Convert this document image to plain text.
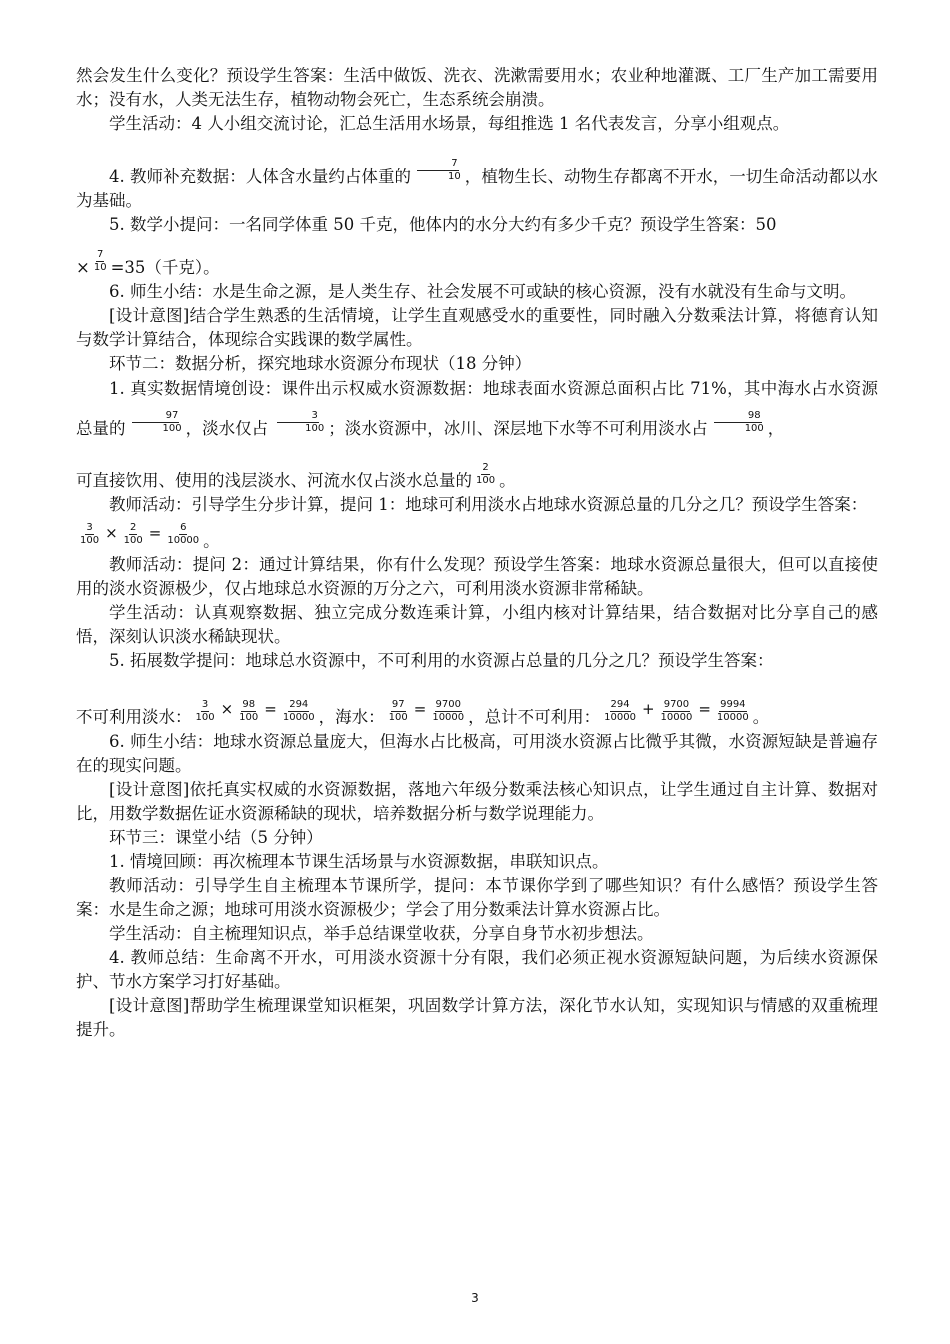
然会发生什么变化？预设学生答案：生活中做饭、洗衣、洗漱需要用水；农业种地灌溉、工厂生产加工需要用水；没有水，人类无法生存，植物动物会死亡，生态系统会崩溃。

学生活动：4 人小组交流讨论，汇总生活用水场景，每组推选 1 名代表发言，分享小组观点。

4. 教师补充数据：人体含水量约占体重的 $\frac{7}{10}$ ，植物生长、动物生存都离不开水，一切生命活动都以水为基础。

5. 数学小提问：一名同学体重 50 千克，他体内的水分大约有多少千克？预设学生答案：50

× $\frac{7}{10} =35$（千克）。

6. 师生小结：水是生命之源，是人类生存、社会发展不可或缺的核心资源，没有水就没有生命与文明。

[设计意图]结合学生熟悉的生活情境，让学生直观感受水的重要性，同时融入分数乘法计算，将德育认知与数学计算结合，体现综合实践课的数学属性。

环节二：数据分析，探究地球水资源分布现状（18 分钟）

1. 真实数据情境创设：课件出示权威水资源数据：地球表面水资源总面积占比 71%，其中海水占水资源总量的 $\frac{97}{100}$ ，淡水仅占 $\frac{3}{100}$ ；淡水资源中，冰川、深层地下水等不可利用淡水占 $\frac{98}{100}$ ，

可直接饮用、使用的浅层淡水、河流水仅占淡水总量的 $\frac{2}{100}$ 。

教师活动：引导学生分步计算，提问 1：地球可利用淡水占地球水资源总量的几分之几？预设学生答案：

$\frac{3}{100} \times \frac{2}{100} = \frac{6}{10000}$ 。

教师活动：提问 2：通过计算结果，你有什么发现？预设学生答案：地球水资源总量很大，但可以直接使用的淡水资源极少，仅占地球总水资源的万分之六，可利用淡水资源非常稀缺。

学生活动：认真观察数据、独立完成分数连乘计算，小组内核对计算结果，结合数据对比分享自己的感悟，深刻认识淡水稀缺现状。

5. 拓展数学提问：地球总水资源中，不可利用的水资源占总量的几分之几？预设学生答案：

不可利用淡水： $\frac{3}{100} \times \frac{98}{100} = \frac{294}{10000}$ ，海水： $\frac{97}{100} = \frac{9700}{10000}$ ，总计不可利用： $\frac{294}{10000} + \frac{9700}{10000} = \frac{9994}{10000}$ 。

6. 师生小结：地球水资源总量庞大，但海水占比极高，可用淡水资源占比微乎其微，水资源短缺是普遍存在的现实问题。

[设计意图]依托真实权威的水资源数据，落地六年级分数乘法核心知识点，让学生通过自主计算、数据对比，用数学数据佐证水资源稀缺的现状，培养数据分析与数学说理能力。

环节三：课堂小结（5 分钟）

1. 情境回顾：再次梳理本节课生活场景与水资源数据，串联知识点。

教师活动：引导学生自主梳理本节课所学，提问：本节课你学到了哪些知识？有什么感悟？预设学生答案：水是生命之源；地球可用淡水资源极少；学会了用分数乘法计算水资源占比。

学生活动：自主梳理知识点，举手总结课堂收获，分享自身节水初步想法。

4. 教师总结：生命离不开水，可用淡水资源十分有限，我们必须正视水资源短缺问题，为后续水资源保护、节水方案学习打好基础。

[设计意图]帮助学生梳理课堂知识框架，巩固数学计算方法，深化节水认知，实现知识与情感的双重梳理提升。

3
